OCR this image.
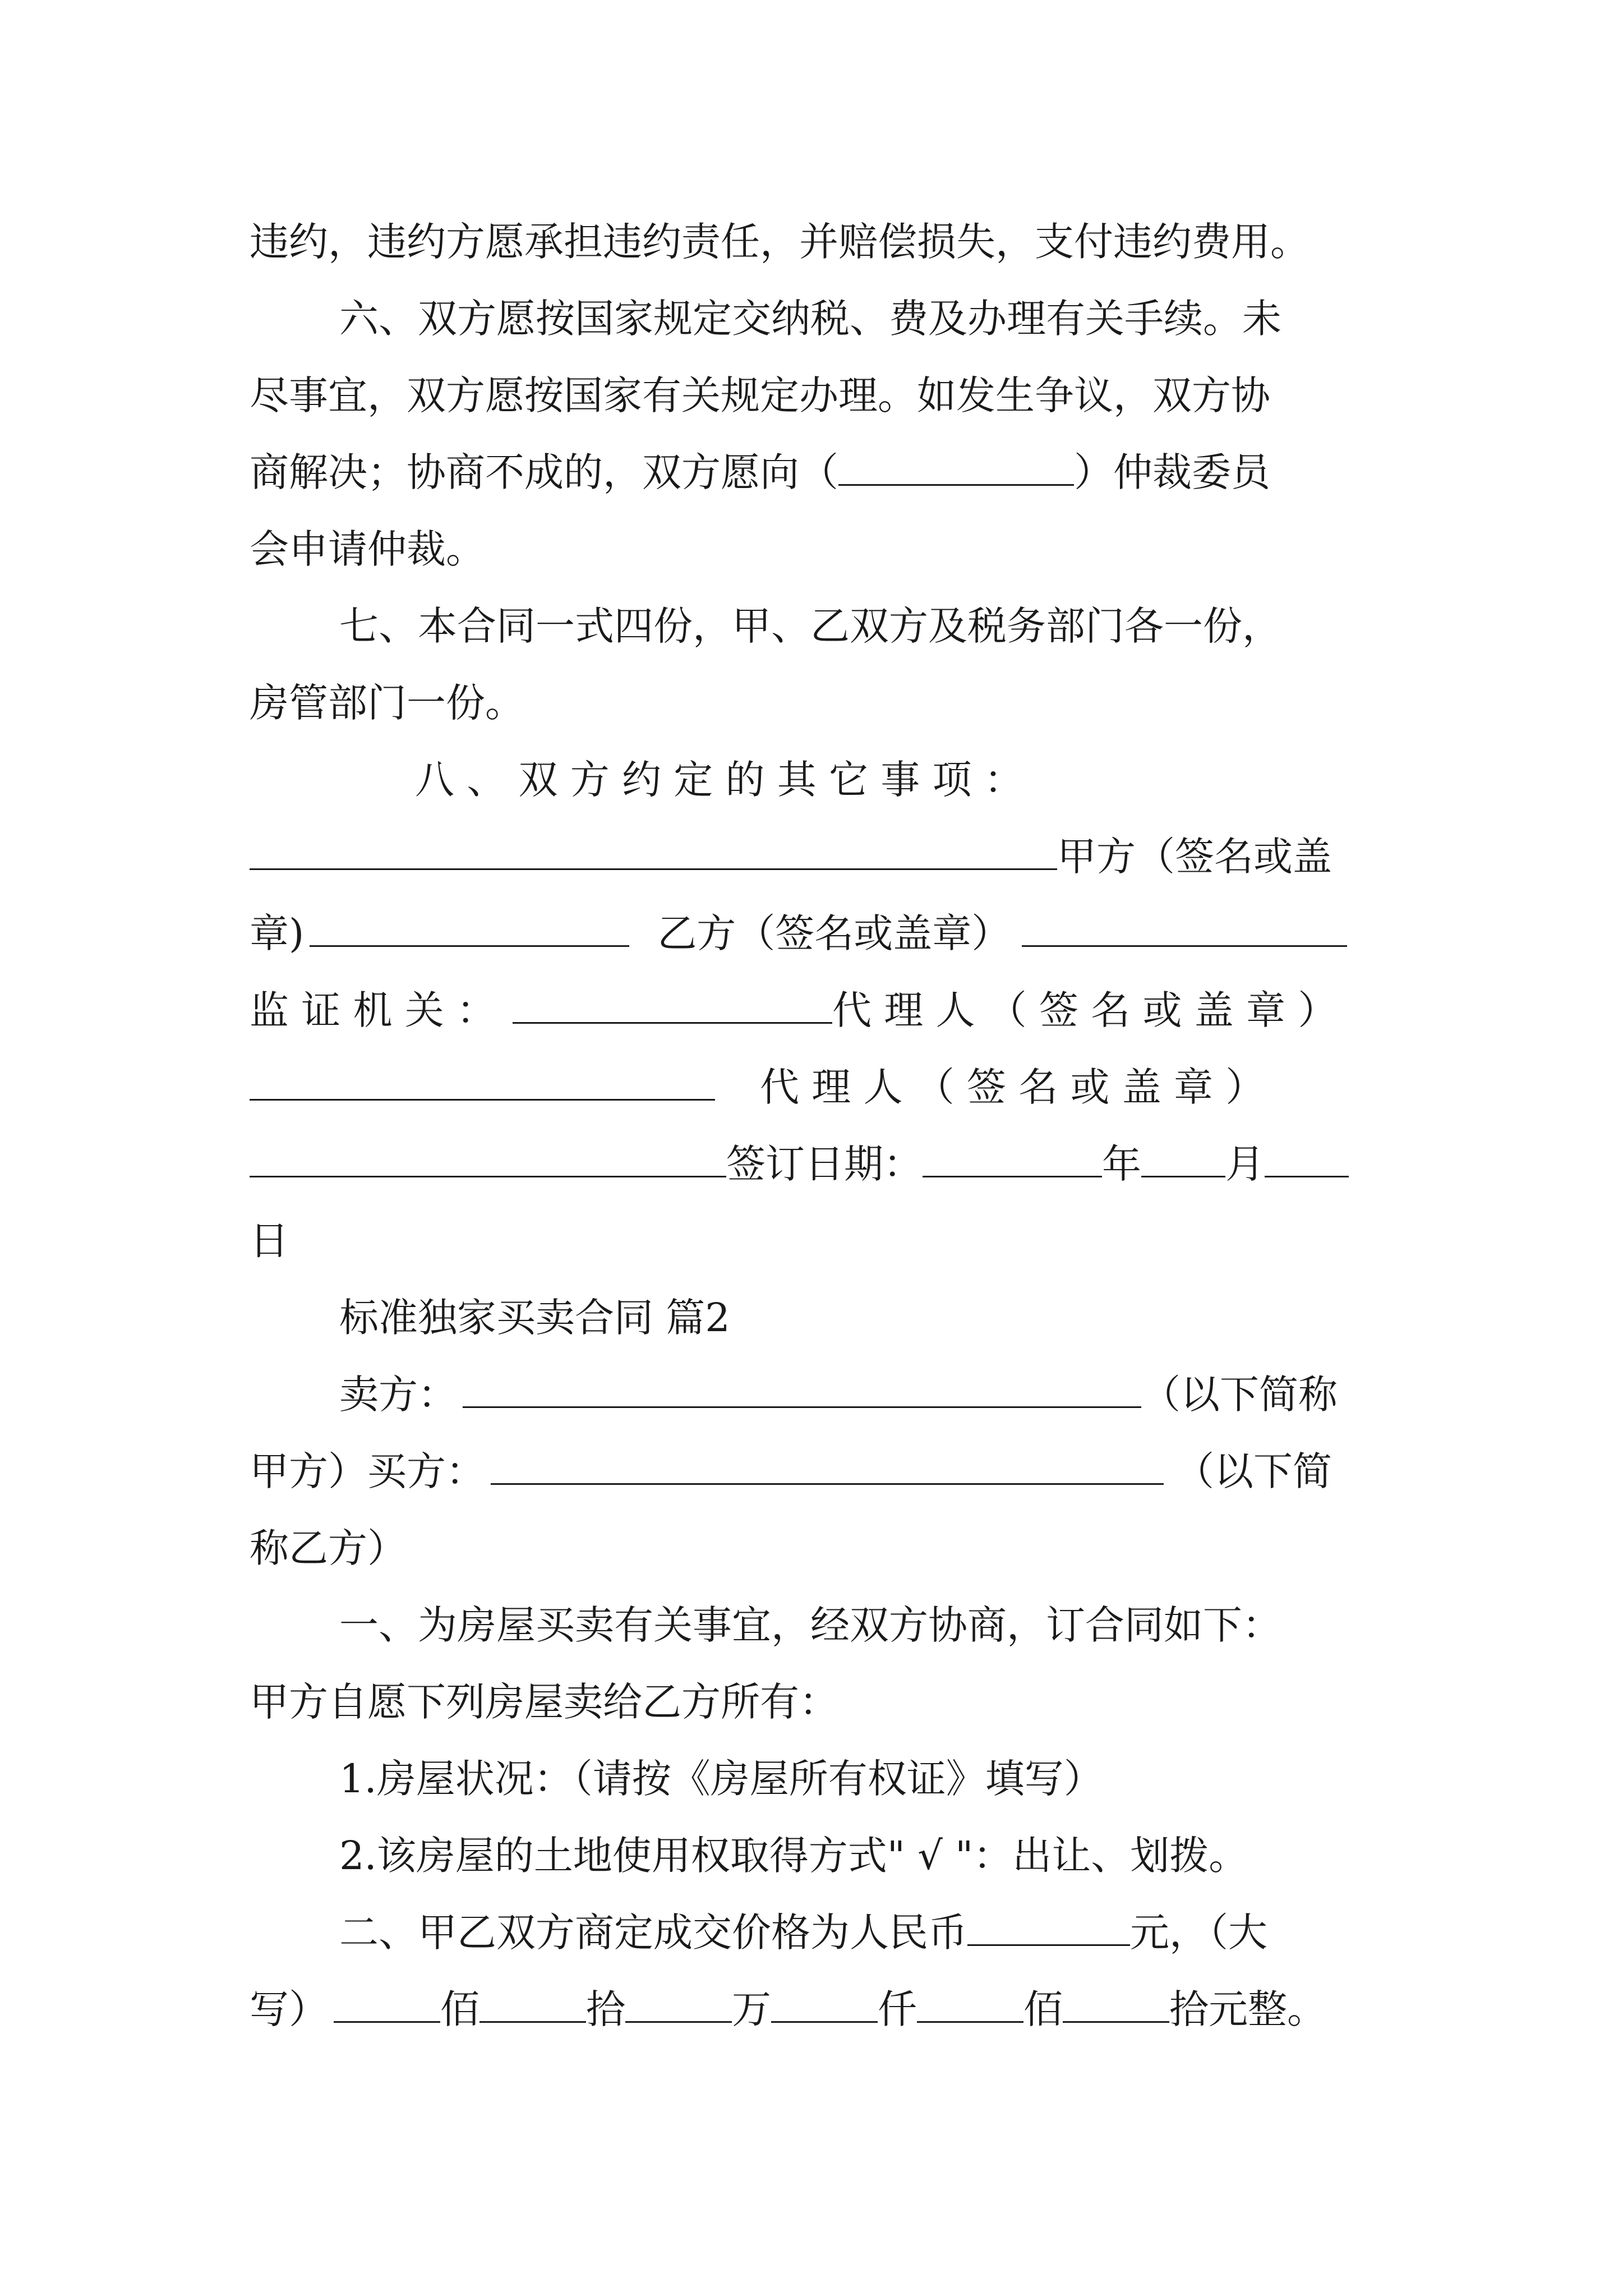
违约，违约方愿承担违约责任，并赔偿损失，支付违约费用。
六、双方愿按国家规定交纳税、费及办理有关手续。未
尽事宜，双方愿按国家有关规定办理。如发生争议，双方协
商解决；协商不成的，双方愿向（	）仲裁委员
会申请仲裁。
七、本合同一式四份，甲、乙双方及税务部门各一份，
房管部门一份。
八 、 双 方 约 定 的 其 它 事 项 ：
甲方（签名或盖
章)	乙方（签名或盖章）
监 证 机 关 ：	代 理 人 （ 签 名 或 盖 章 ）
代 理 人 （ 签 名 或 盖 章 ）
签订日期：	年 月
日
标准独家买卖合同 篇2
卖方：	（以下简称
甲方）买方：	（以下简
称乙方）
一、为房屋买卖有关事宜，经双方协商，订合同如下：
甲方自愿下列房屋卖给乙方所有：
1.房屋状况：（请按《房屋所有权证》填写）
2.该房屋的土地使用权取得方式" √ "：出让、划拨。
二、甲乙双方商定成交价格为人民币	元，（大
写）	佰	拾	万	仟	佰	拾元整。
